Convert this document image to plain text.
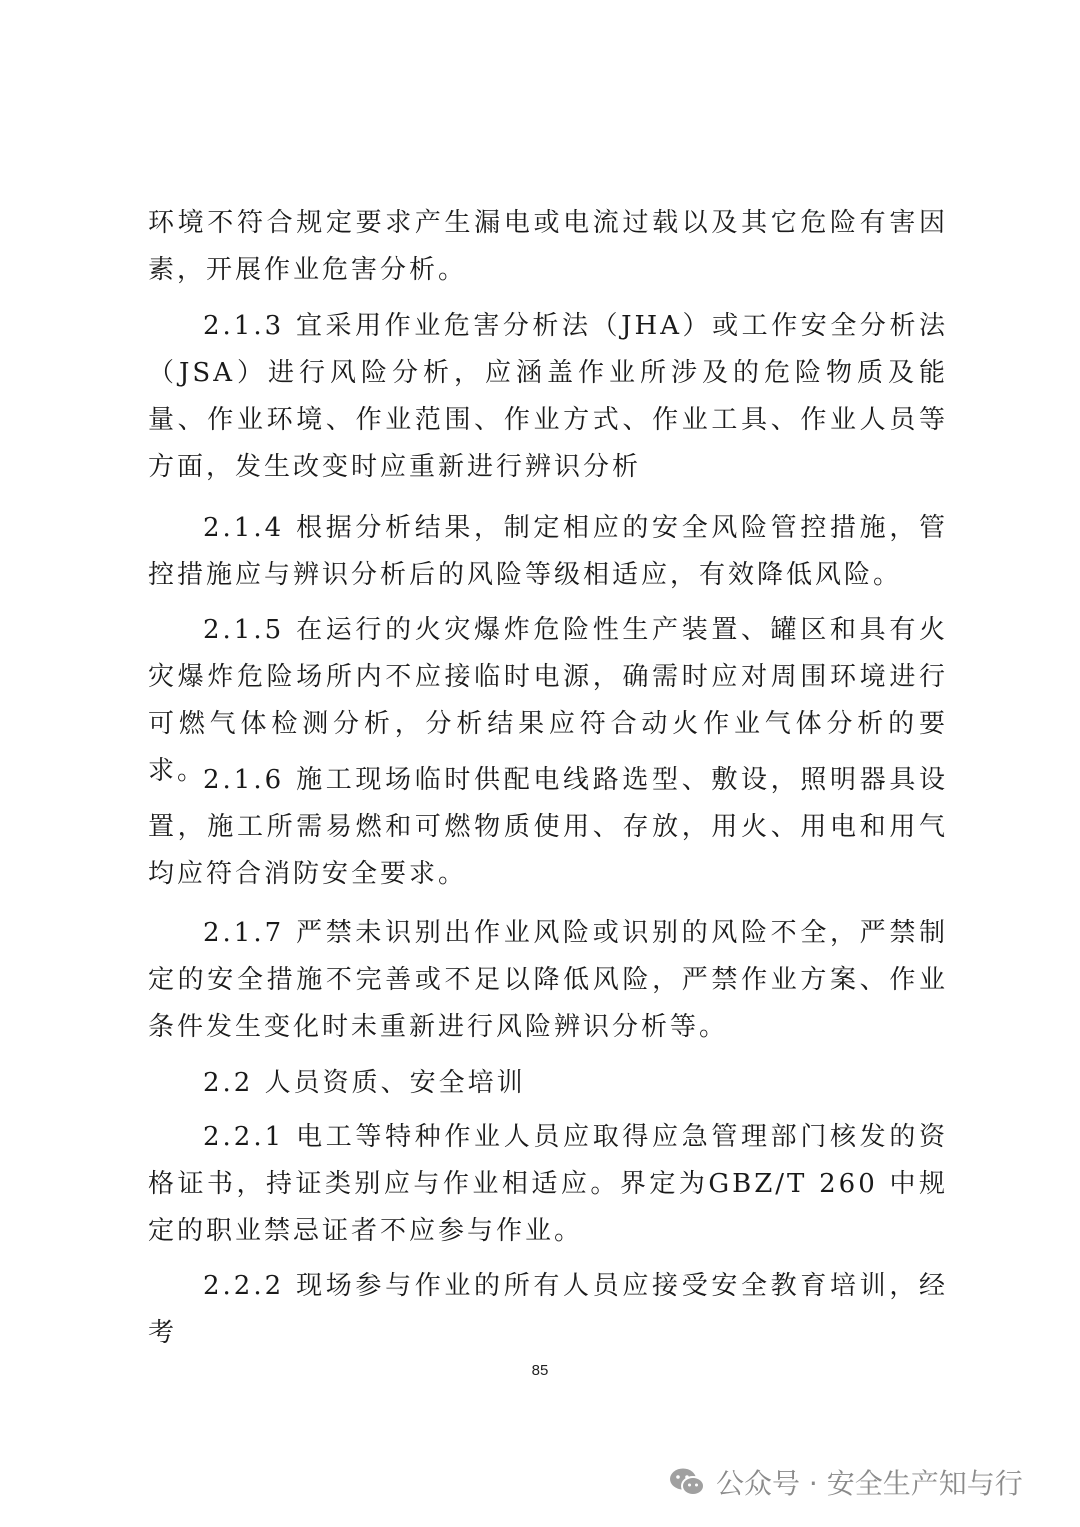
环境不符合规定要求产生漏电或电流过载以及其它危险有害因素，开展作业危害分析。

2.1.3 宜采用作业危害分析法（JHA）或工作安全分析法（JSA）进行风险分析，应涵盖作业所涉及的危险物质及能量、作业环境、作业范围、作业方式、作业工具、作业人员等方面，发生改变时应重新进行辨识分析

2.1.4 根据分析结果，制定相应的安全风险管控措施，管控措施应与辨识分析后的风险等级相适应，有效降低风险。

2.1.5 在运行的火灾爆炸危险性生产装置、罐区和具有火灾爆炸危险场所内不应接临时电源，确需时应对周围环境进行可燃气体检测分析，分析结果应符合动火作业气体分析的要求。

2.1.6 施工现场临时供配电线路选型、敷设，照明器具设置，施工所需易燃和可燃物质使用、存放，用火、用电和用气均应符合消防安全要求。

2.1.7 严禁未识别出作业风险或识别的风险不全，严禁制定的安全措施不完善或不足以降低风险，严禁作业方案、作业条件发生变化时未重新进行风险辨识分析等。

2.2 人员资质、安全培训

2.2.1 电工等特种作业人员应取得应急管理部门核发的资格证书，持证类别应与作业相适应。界定为GBZ/T 260 中规定的职业禁忌证者不应参与作业。

2.2.2 现场参与作业的所有人员应接受安全教育培训，经考

85
公众号 · 安全生产知与行
